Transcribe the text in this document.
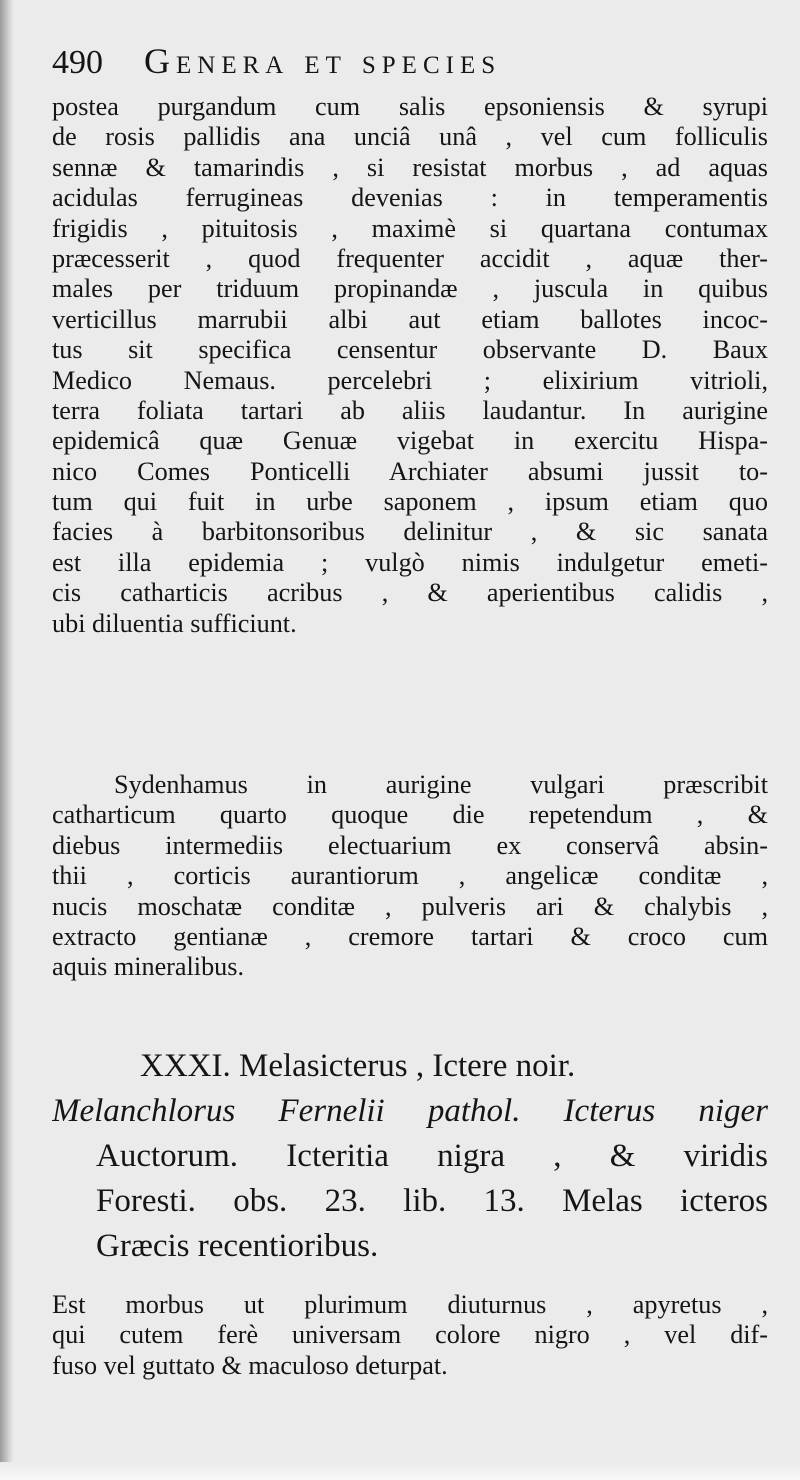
490 Genera et species
postea purgandum cum salis epsoniensis & syrupi
de rosis pallidis ana unciâ unâ , vel cum folliculis
sennæ & tamarindis , si resistat morbus , ad aquas
acidulas ferrugineas devenias : in temperamentis
frigidis , pituitosis , maximè si quartana contumax
præcesserit , quod frequenter accidit , aquæ ther-
males per triduum propinandæ , juscula in quibus
verticillus marrubii albi aut etiam ballotes incoc-
tus sit specifica censentur observante D. Baux
Medico Nemaus. percelebri ; elixirium vitrioli,
terra foliata tartari ab aliis laudantur. In aurigine
epidemicâ quæ Genuæ vigebat in exercitu Hispa-
nico Comes Ponticelli Archiater absumi jussit to-
tum qui fuit in urbe saponem , ipsum etiam quo
facies à barbitonsoribus delinitur , & sic sanata
est illa epidemia ; vulgò nimis indulgetur emeti-
cis catharticis acribus , & aperientibus calidis ,
ubi diluentia sufficiunt.
Sydenhamus in aurigine vulgari præscribit
catharticum quarto quoque die repetendum , &
diebus intermediis electuarium ex conservâ absin-
thii , corticis aurantiorum , angelicæ conditæ ,
nucis moschatæ conditæ , pulveris ari & chalybis ,
extracto gentianæ , cremore tartari & croco cum
aquis mineralibus.
XXXI. Melasicterus , Ictere noir.
Melanchlorus Fernelii pathol. Icterus niger
Auctorum. Icteritia nigra , & viridis
Foresti. obs. 23. lib. 13. Melas icteros
Græcis recentioribus.
Est morbus ut plurimum diuturnus , apyretus ,
qui cutem ferè universam colore nigro , vel dif-
fuso vel guttato & maculoso deturpat.
